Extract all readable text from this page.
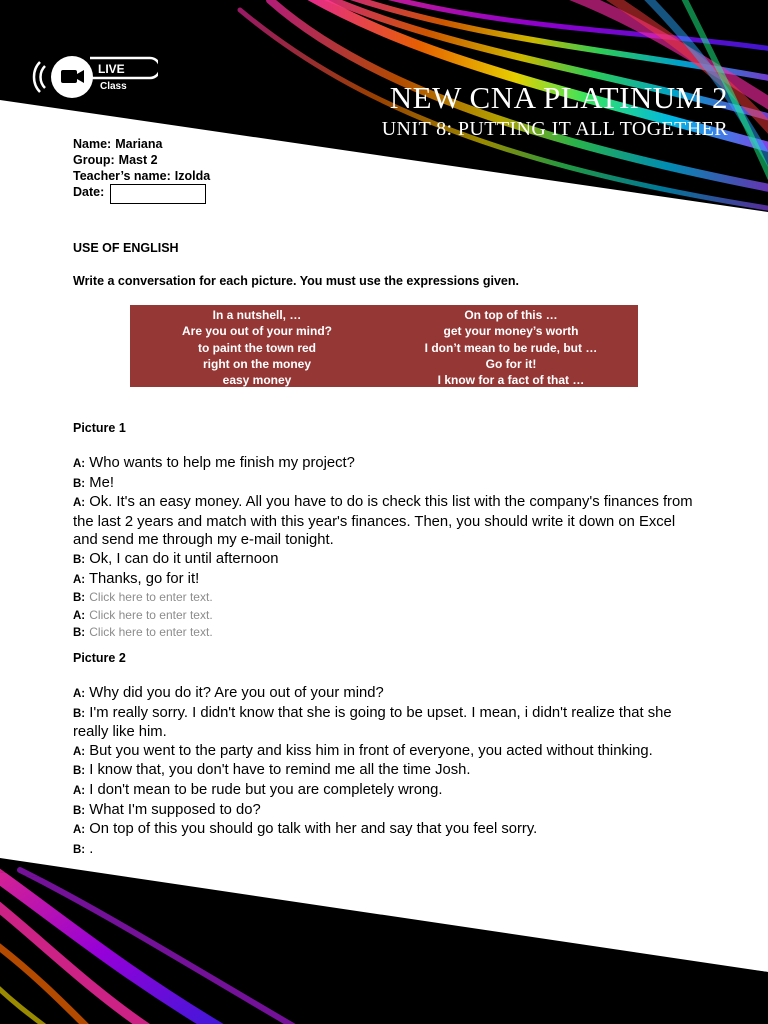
LIVE
Class	NEW CNA PLATINUM 2
UNIT 8: PUTTING IT ALL TOGETHER
Name: Mariana
Group: Mast 2
Teacher’s name: Izolda
Date:
USE OF ENGLISH
Write a conversation for each picture. You must use the expressions given.
In a nutshell, …
Are you out of your mind?
to paint the town red
right on the money
easy money
On top of this …
get your money’s worth
I don’t mean to be rude, but …
Go for it!
I know for a fact of that …
Picture 1
A: Who wants to help me finish my project?
B: Me!
A: Ok. It's an easy money. All you have to do is check this list with the company's finances from the last 2 years and match with this year's finances. Then, you should write it down on Excel and send me through my e-mail tonight.
B: Ok, I can do it until afternoon
A: Thanks, go for it!
B: Click here to enter text.
A: Click here to enter text.
B: Click here to enter text.
Picture 2
A: Why did you do it? Are you out of your mind?
B: I'm really sorry. I didn't know that she is going to be upset. I mean, i didn't realize that she really like him.
A: But you went to the party and kiss him in front of everyone, you acted without thinking.
B: I know that, you don't have to remind me all the time Josh.
A: I don't mean to be rude but you are completely wrong.
B: What I'm supposed to do?
A: On top of this you should go talk with her and say that you feel sorry.
B: .
